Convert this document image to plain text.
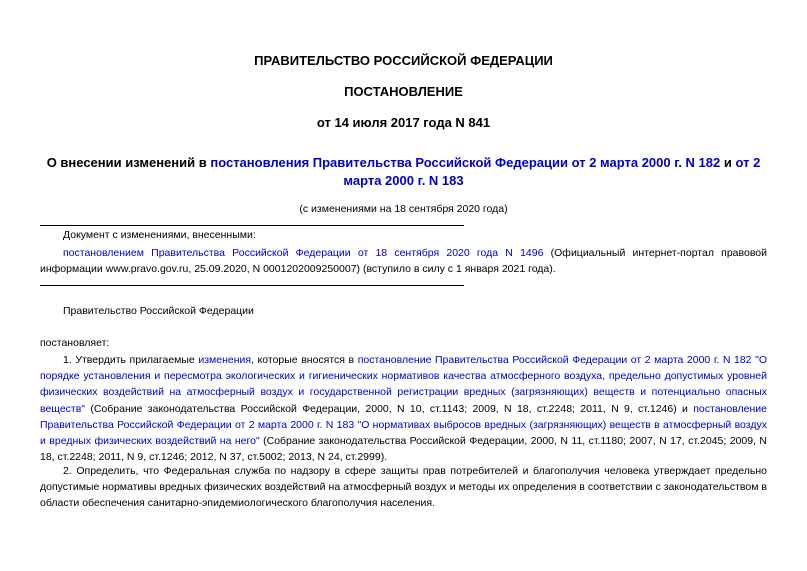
ПРАВИТЕЛЬСТВО РОССИЙСКОЙ ФЕДЕРАЦИИ
ПОСТАНОВЛЕНИЕ
от 14 июля 2017 года N 841
О внесении изменений в постановления Правительства Российской Федерации от 2 марта 2000 г. N 182 и от 2 марта 2000 г. N 183
(с изменениями на 18 сентября 2020 года)
Документ с изменениями, внесенными:
постановлением Правительства Российской Федерации от 18 сентября 2020 года N 1496 (Официальный интернет-портал правовой информации www.pravo.gov.ru, 25.09.2020, N 0001202009250007) (вступило в силу с 1 января 2021 года).
Правительство Российской Федерации
постановляет:
1. Утвердить прилагаемые изменения, которые вносятся в постановление Правительства Российской Федерации от 2 марта 2000 г. N 182 "О порядке установления и пересмотра экологических и гигиенических нормативов качества атмосферного воздуха, предельно допустимых уровней физических воздействий на атмосферный воздух и государственной регистрации вредных (загрязняющих) веществ и потенциально опасных веществ" (Собрание законодательства Российской Федерации, 2000, N 10, ст.1143; 2009, N 18, ст.2248; 2011, N 9, ст.1246) и постановление Правительства Российской Федерации от 2 марта 2000 г. N 183 "О нормативах выбросов вредных (загрязняющих) веществ в атмосферный воздух и вредных физических воздействий на него" (Собрание законодательства Российской Федерации, 2000, N 11, ст.1180; 2007, N 17, ст.2045; 2009, N 18, ст.2248; 2011, N 9, ст.1246; 2012, N 37, ст.5002; 2013, N 24, ст.2999).
2. Определить, что Федеральная служба по надзору в сфере защиты прав потребителей и благополучия человека утверждает предельно допустимые нормативы вредных физических воздействий на атмосферный воздух и методы их определения в соответствии с законодательством в области обеспечения санитарно-эпидемиологического благополучия населения.
